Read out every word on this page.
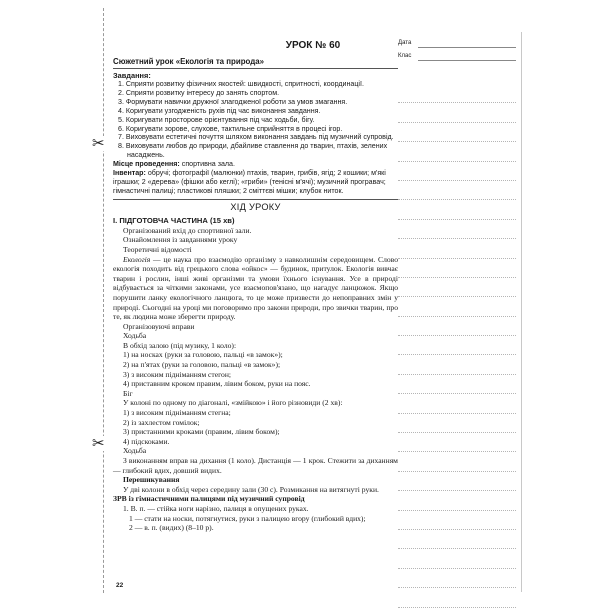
✂
✂
Дата
Клас
УРОК № 60
Сюжетний урок «Екологія та природа»
Завдання:
1. Сприяти розвитку фізичних якостей: швидкості, спритності, координації.
2. Сприяти розвитку інтересу до занять спортом.
3. Формувати навички дружної злагодженої роботи за умов змагання.
4. Коригувати узгодженість рухів під час виконання завдання.
5. Коригувати просторове орієнтування під час ходьби, бігу.
6. Коригувати зорове, слухове, тактильне сприйняття в процесі ігор.
7. Виховувати естетичні почуття шляхом виконання завдань під музичний супровід.
8. Виховувати любов до природи, дбайливе ставлення до тварин, птахів, зелених насаджень.
Місце проведення: спортивна зала.
Інвентар: обручі; фотографії (малюнки) птахів, тварин, грибів, ягід; 2 кошики; м'які іграшки; 2 «дерева» (фішки або кеглі); «гриби» (тенісні м'ячі); музичний програвач; гімнастичні палиці; пластикові пляшки; 2 сміттєві мішки; клубок ниток.
ХІД УРОКУ
І. ПІДГОТОВЧА ЧАСТИНА (15 хв)

Організований вхід до спортивної зали.

Ознайомлення із завданнями уроку

Теоретичні відомості

Екологія — це наука про взаємодію організму з навколишнім середовищем. Слово екологія походить від грецького слова «ойкос» — будинок, притулок. Екологія вивчає тварин і рослин, інші живі організми та умови їхнього існування. Усе в природі відбувається за чіткими законами, усе взаємопов'язано, що нагадує ланцюжок. Якщо порушити ланку екологічного ланцюга, то це може призвести до непоправних змін у природі. Сьогодні на уроці ми поговоримо про закони природи, про звички тварин, про те, як людина може зберегти природу.

Організовуючі вправи

Ходьба

В обхід залою (під музику, 1 коло):

1) на носках (руки за головою, пальці «в замок»);

2) на п'ятах (руки за головою, пальці «в замок»);

3) з високим підніманням стегон;

4) приставним кроком правим, лівим боком, руки на пояс.

Біг

У колоні по одному по діагоналі, «змійкою» і його різновиди (2 хв):

1) з високим підніманням стегна;

2) із захлестом гомілок;

3) пристанними кроками (правим, лівим боком);

4) підскоками.

Ходьба

З виконанням вправ на дихання (1 коло). Дистанція — 1 крок. Стежити за диханням — глибокий вдих, довший видих.

Перешикування

У дві колони в обхід через середину зали (30 с). Розмикання на витягнуті руки.

ЗРВ із гімнастичними палицями під музичний супровід

1. В. п. — стійка ноги нарізно, палиця в опущених руках.

1 — стати на носки, потягнутися, руки з палицею вгору (глибокий вдих);

2 — в. п. (видих) (8–10 р).

22
